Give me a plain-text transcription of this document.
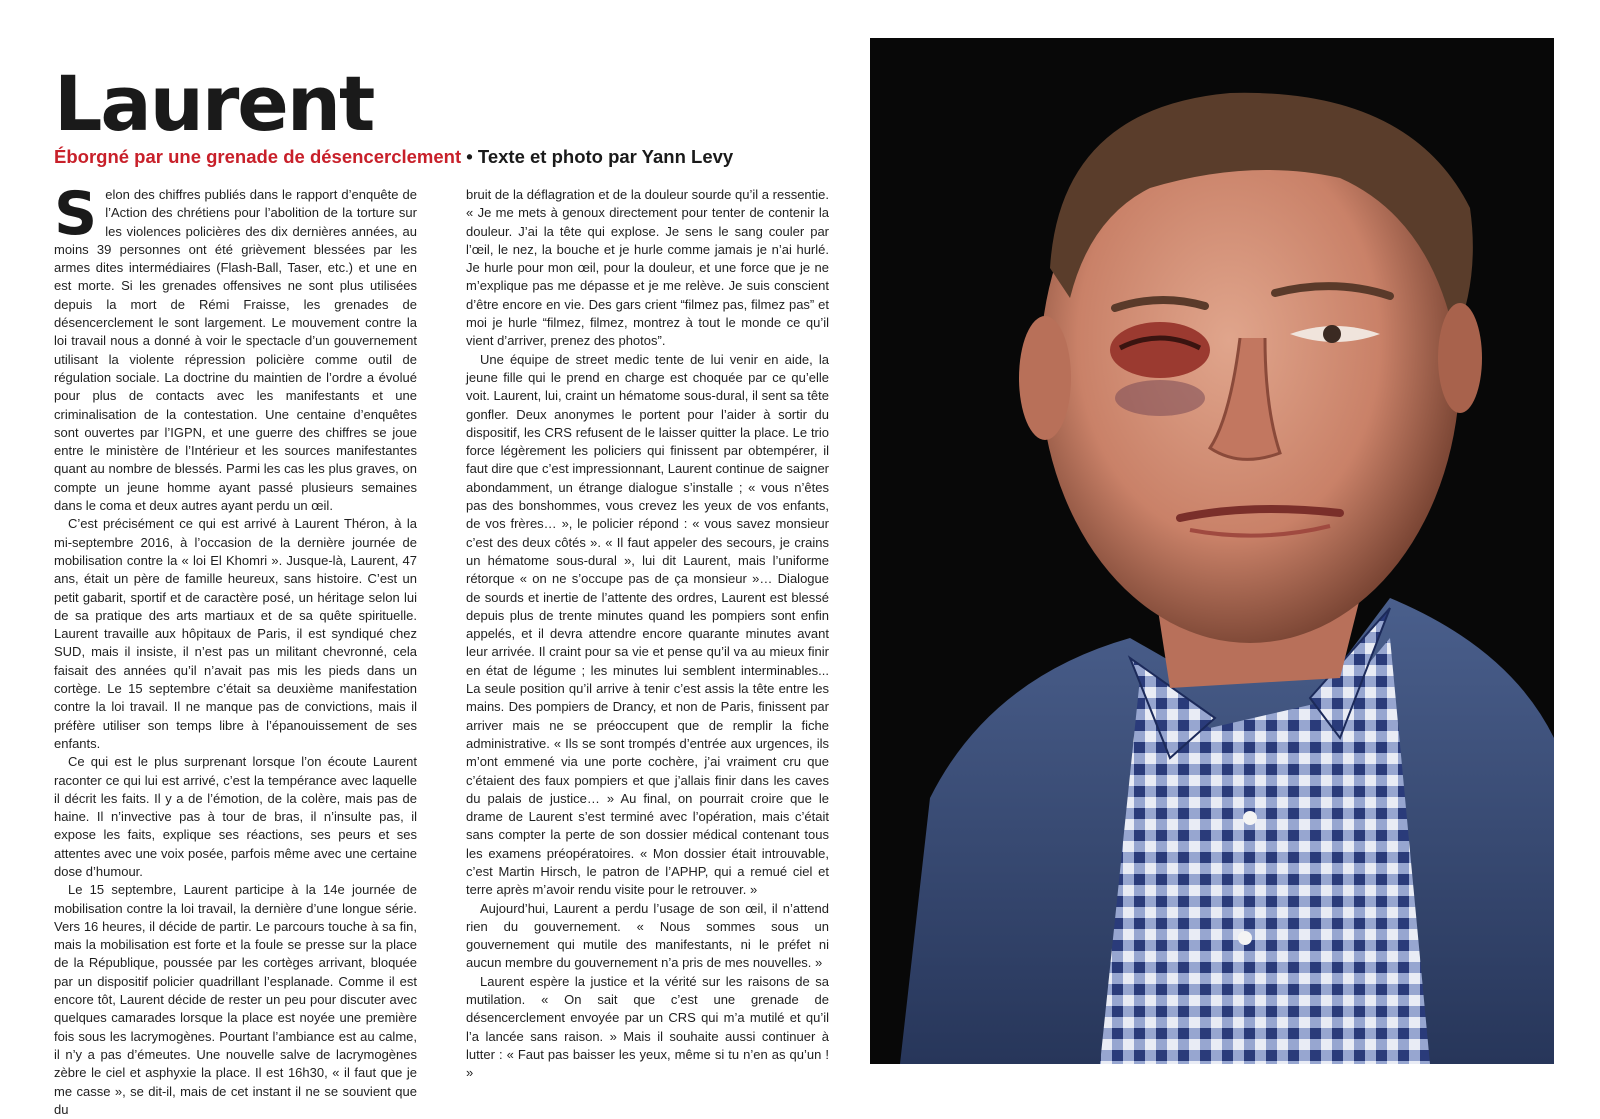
Laurent
Éborgné par une grenade de désencerclement • Texte et photo par Yann Levy

Selon des chiffres publiés dans le rapport d’enquête de l’Action des chrétiens pour l’abolition de la torture sur les violences policières des dix dernières années, au moins 39 personnes ont été grièvement blessées par les armes dites intermédiaires (Flash-Ball, Taser, etc.) et une en est morte. Si les grenades offensives ne sont plus utilisées depuis la mort de Rémi Fraisse, les grenades de désencerclement le sont largement. Le mouvement contre la loi travail nous a donné à voir le spectacle d’un gouvernement utilisant la violente répression policière comme outil de régulation sociale. La doctrine du maintien de l’ordre a évolué pour plus de contacts avec les manifestants et une criminalisation de la contestation. Une centaine d’enquêtes sont ouvertes par l’IGPN, et une guerre des chiffres se joue entre le ministère de l’Intérieur et les sources manifestantes quant au nombre de blessés. Parmi les cas les plus graves, on compte un jeune homme ayant passé plusieurs semaines dans le coma et deux autres ayant perdu un œil.

C’est précisément ce qui est arrivé à Laurent Théron, à la mi-septembre 2016, à l’occasion de la dernière journée de mobilisation contre la « loi El Khomri ». Jusque-là, Laurent, 47 ans, était un père de famille heureux, sans histoire. C’est un petit gabarit, sportif et de caractère posé, un héritage selon lui de sa pratique des arts martiaux et de sa quête spirituelle. Laurent travaille aux hôpitaux de Paris, il est syndiqué chez SUD, mais il insiste, il n’est pas un militant chevronné, cela faisait des années qu’il n’avait pas mis les pieds dans un cortège. Le 15 septembre c’était sa deuxième manifestation contre la loi travail. Il ne manque pas de convictions, mais il préfère utiliser son temps libre à l’épanouissement de ses enfants.

Ce qui est le plus surprenant lorsque l’on écoute Laurent raconter ce qui lui est arrivé, c’est la tempérance avec laquelle il décrit les faits. Il y a de l’émotion, de la colère, mais pas de haine. Il n’invective pas à tour de bras, il n’insulte pas, il expose les faits, explique ses réactions, ses peurs et ses attentes avec une voix posée, parfois même avec une certaine dose d’humour.

Le 15 septembre, Laurent participe à la 14e journée de mobilisation contre la loi travail, la dernière d’une longue série. Vers 16 heures, il décide de partir. Le parcours touche à sa fin, mais la mobilisation est forte et la foule se presse sur la place de la République, poussée par les cortèges arrivant, bloquée par un dispositif policier quadrillant l’esplanade. Comme il est encore tôt, Laurent décide de rester un peu pour discuter avec quelques camarades lorsque la place est noyée une première fois sous les lacrymogènes. Pourtant l’ambiance est au calme, il n’y a pas d’émeutes. Une nouvelle salve de lacrymogènes zèbre le ciel et asphyxie la place. Il est 16h30, « il faut que je me casse », se dit-il, mais de cet instant il ne se souvient que du

bruit de la déflagration et de la douleur sourde qu’il a ressentie. « Je me mets à genoux directement pour tenter de contenir la douleur. J’ai la tête qui explose. Je sens le sang couler par l’œil, le nez, la bouche et je hurle comme jamais je n’ai hurlé. Je hurle pour mon œil, pour la douleur, et une force que je ne m’explique pas me dépasse et je me relève. Je suis conscient d’être encore en vie. Des gars crient “filmez pas, filmez pas” et moi je hurle “filmez, filmez, montrez à tout le monde ce qu’il vient d’arriver, prenez des photos”.

Une équipe de street medic tente de lui venir en aide, la jeune fille qui le prend en charge est choquée par ce qu’elle voit. Laurent, lui, craint un hématome sous-dural, il sent sa tête gonfler. Deux anonymes le portent pour l’aider à sortir du dispositif, les CRS refusent de le laisser quitter la place. Le trio force légèrement les policiers qui finissent par obtempérer, il faut dire que c’est impressionnant, Laurent continue de saigner abondamment, un étrange dialogue s’installe ; « vous n’êtes pas des bonshommes, vous crevez les yeux de vos enfants, de vos frères… », le policier répond : « vous savez monsieur c’est des deux côtés ». « Il faut appeler des secours, je crains un hématome sous-dural », lui dit Laurent, mais l’uniforme rétorque « on ne s’occupe pas de ça monsieur »… Dialogue de sourds et inertie de l’attente des ordres, Laurent est blessé depuis plus de trente minutes quand les pompiers sont enfin appelés, et il devra attendre encore quarante minutes avant leur arrivée. Il craint pour sa vie et pense qu’il va au mieux finir en état de légume ; les minutes lui semblent interminables... La seule position qu’il arrive à tenir c’est assis la tête entre les mains. Des pompiers de Drancy, et non de Paris, finissent par arriver mais ne se préoccupent que de remplir la fiche administrative. « Ils se sont trompés d’entrée aux urgences, ils m’ont emmené via une porte cochère, j’ai vraiment cru que c’étaient des faux pompiers et que j’allais finir dans les caves du palais de justice… » Au final, on pourrait croire que le drame de Laurent s’est terminé avec l’opération, mais c’était sans compter la perte de son dossier médical contenant tous les examens préopératoires. « Mon dossier était introuvable, c’est Martin Hirsch, le patron de l’APHP, qui a remué ciel et terre après m’avoir rendu visite pour le retrouver. »

Aujourd’hui, Laurent a perdu l’usage de son œil, il n’attend rien du gouvernement. « Nous sommes sous un gouvernement qui mutile des manifestants, ni le préfet ni aucun membre du gouvernement n’a pris de mes nouvelles. »

Laurent espère la justice et la vérité sur les raisons de sa mutilation. « On sait que c’est une grenade de désencerclement envoyée par un CRS qui m’a mutilé et qu’il l’a lancée sans raison. » Mais il souhaite aussi continuer à lutter : « Faut pas baisser les yeux, même si tu n’en as qu’un ! »
